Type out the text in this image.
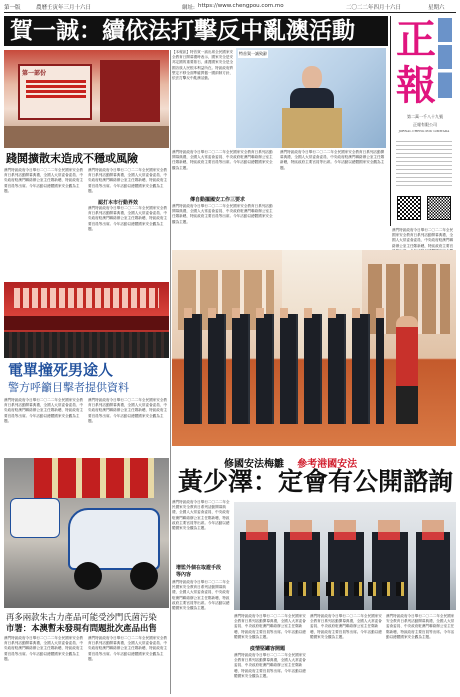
第一版	農曆壬寅年三月十六日	網址: https://www.chengpou.com.mo	二〇二二年四月十六日	星期六
賀一誠：續依法打擊反中亂澳活動 正
報
第二萬一千八十九號
正報有限公司
JORNAL CHENG POU LIMITADA
第一部份
【本報訊】特首賀一誠出席全民國家安全教育日開幕禮時表示，國家安全是安邦定國的重要基石，維護國家安全是全國各族人民根本利益所在。特區政府將堅定不移全面準確貫徹一國兩制方針，依法打擊反中亂澳活動。
特首賀一誠致辭
踐鬨擴散末造成不穩或風險
澳門特區政府今日舉行二〇二二年全民國家安全教育日系列活動開幕典禮，全國人大常委會委員、中央政府駐澳門聯絡辦公室主任鄭新聰，特區政府主要官員等出席。今年活動以總體國家安全觀為主題。
澳門特區政府今日舉行二〇二二年全民國家安全教育日系列活動開幕典禮，全國人大常委會委員、中央政府駐澳門聯絡辦公室主任鄭新聰，特區政府主要官員等出席。今年活動以總體國家安全觀為主題。
認打本市行動界效
澳門特區政府今日舉行二〇二二年全民國家安全教育日系列活動開幕典禮，全國人大常委會委員、中央政府駐澳門聯絡辦公室主任鄭新聰，特區政府主要官員等出席。今年活動以總體國家安全觀為主題。
澳門特區政府今日舉行二〇二二年全民國家安全教育日系列活動開幕典禮，全國人大常委會委員、中央政府駐澳門聯絡辦公室主任鄭新聰，特區政府主要官員等出席。今年活動以總體國家安全觀為主題。
傳自動擺國安工作三要求
澳門特區政府今日舉行二〇二二年全民國家安全教育日系列活動開幕典禮，全國人大常委會委員、中央政府駐澳門聯絡辦公室主任鄭新聰，特區政府主要官員等出席。今年活動以總體國家安全觀為主題。
澳門特區政府今日舉行二〇二二年全民國家安全教育日系列活動開幕典禮，全國人大常委會委員、中央政府駐澳門聯絡辦公室主任鄭新聰，特區政府主要官員等出席。今年活動以總體國家安全觀為主題。
澳門特區政府今日舉行二〇二二年全民國家安全教育日系列活動開幕典禮，全國人大常委會委員、中央政府駐澳門聯絡辦公室主任鄭新聰，特區政府主要官
電單撞死男途人
警方呼籲目擊者提供資料
澳門特區政府今日舉行二〇二二年全民國家安全教育日系列活動開幕典禮，全國人大常委會委員、中央政府駐澳門聯絡辦公室主任鄭新聰，特區政府主要官員等出席。今年活動以總體國家安全觀為主題。
澳門特區政府今日舉行二〇二二年全民國家安全教育日系列活動開幕典禮，全國人大常委會委員、中央政府駐澳門聯絡辦公室主任鄭新聰，特區政府主要官員等出席。今年活動以總體國家安全觀為主題。
修國安法梅雛 參考港國安法
黃少澤：定會有公開諮詢
澳門特區政府今日舉行二〇二二年全民國家安全教育日系列活動開幕典禮，全國人大常委會委員、中央政府駐澳門聯絡辦公室主任鄭新聰，特區政府主要官員等出席。今年活動以總體國家安全觀為主題。
增監外個在取證手段
等內容
澳門特區政府今日舉行二〇二二年全民國家安全教育日系列活動開幕典禮，全國人大常委會委員、中央政府駐澳門聯絡辦公室主任鄭新聰，特區政府主要官員等出席。今年活動以總體國家安全觀為主題。
澳門特區政府今日舉行二〇二二年全民國家安全教育日系列活動開幕典禮，全國人大常委會委員、中央政府駐澳門聯絡辦公室主任鄭新聰，特區政府主要官員等出席。今年活動以總體國家安全觀為主題。
疫情堅罐容開題
澳門特區政府今日舉行二〇二二年全民國家安全教育日系列活動開幕典禮，全國人大常委會委員、中央政府駐澳門聯絡辦公室主任鄭新聰，特區政府主要官員等出席。今年活動以總體國家安全觀為主題。
澳門特區政府今日舉行二〇二二年全民國家安全教育日系列活動開幕典禮，全國人大常委會委員、中央政府駐澳門聯絡辦公室主任鄭新聰，特區政府主要官員等出席。今年活動以總體國家安全觀為主題。
澳門特區政府今日舉行二〇二二年全民國家安全教育日系列活動開幕典禮，全國人大常委會委員、中央政府駐澳門聯絡辦公室主任鄭新聰，特區政府主要官員等出席。今年活動以總體國家安全觀為主題。
再多兩款朱古力產品可能受沙門氏菌污染
市署：本澳暫未發現有問題批次產品出售
澳門特區政府今日舉行二〇二二年全民國家安全教育日系列活動開幕典禮，全國人大常委會委員、中央政府駐澳門聯絡辦公室主任鄭新聰，特區政府主要官員等出席。今年活動以總體國家安全觀為主題。
澳門特區政府今日舉行二〇二二年全民國家安全教育日系列活動開幕典禮，全國人大常委會委員、中央政府駐澳門聯絡辦公室主任鄭新聰，特區政府主要官員等出席。今年活動以總體國家安全觀為主題。
